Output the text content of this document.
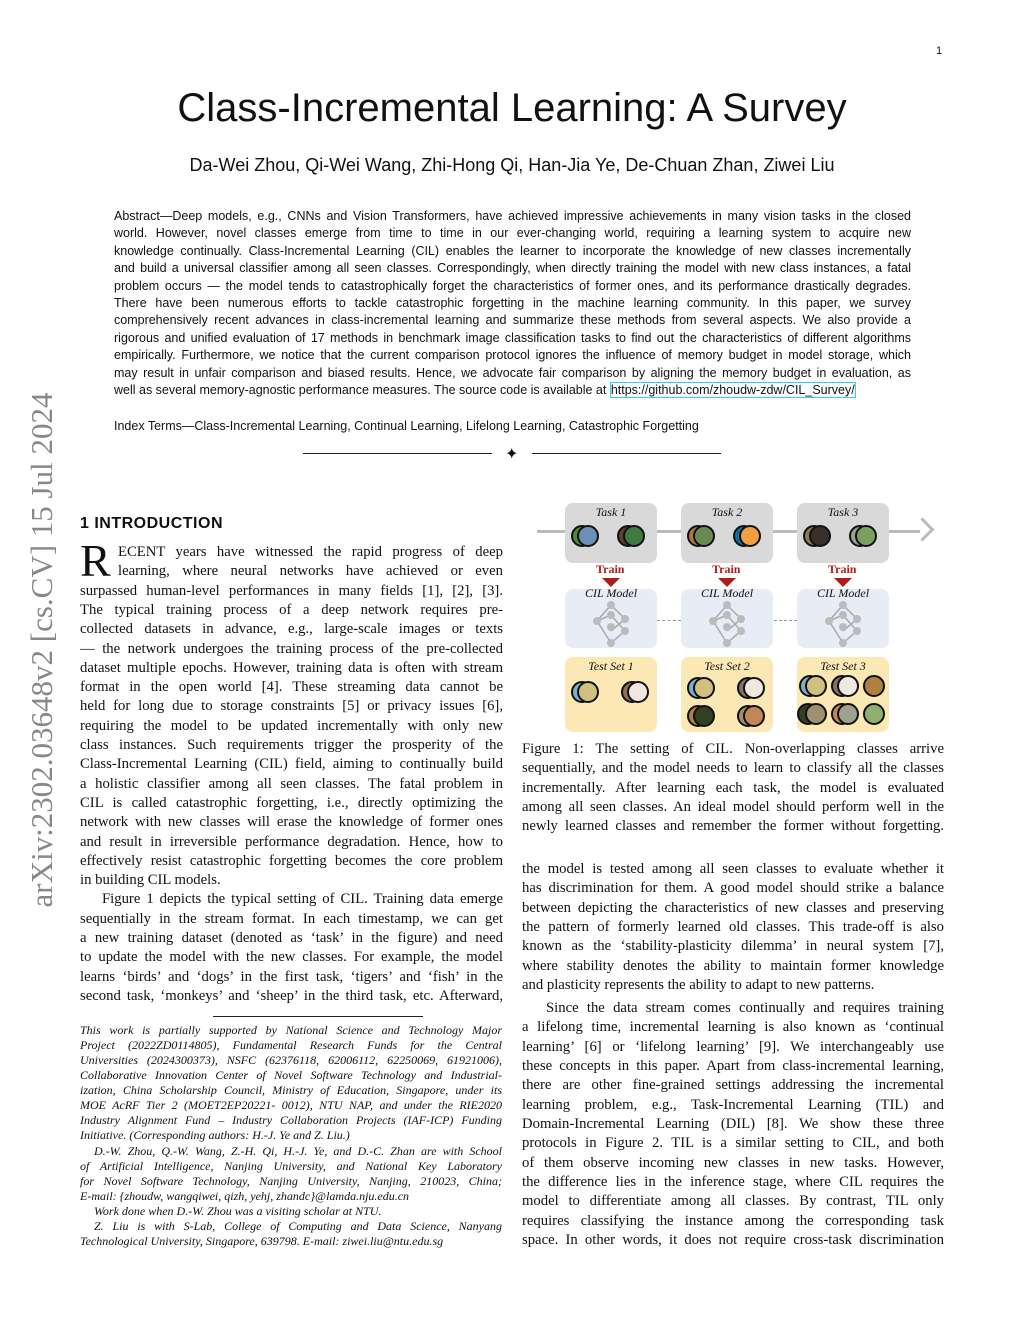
1
arXiv:2302.03648v2 [cs.CV] 15 Jul 2024
Class-Incremental Learning: A Survey
Da-Wei Zhou, Qi-Wei Wang, Zhi-Hong Qi, Han-Jia Ye, De-Chuan Zhan, Ziwei Liu
Abstract—Deep models, e.g., CNNs and Vision Transformers, have achieved impressive achievements in many vision tasks in the closed
world. However, novel classes emerge from time to time in our ever-changing world, requiring a learning system to acquire new
knowledge continually. Class-Incremental Learning (CIL) enables the learner to incorporate the knowledge of new classes incrementally
and build a universal classifier among all seen classes. Correspondingly, when directly training the model with new class instances, a fatal
problem occurs — the model tends to catastrophically forget the characteristics of former ones, and its performance drastically degrades.
There have been numerous efforts to tackle catastrophic forgetting in the machine learning community. In this paper, we survey
comprehensively recent advances in class-incremental learning and summarize these methods from several aspects. We also provide a
rigorous and unified evaluation of 17 methods in benchmark image classification tasks to find out the characteristics of different algorithms
empirically. Furthermore, we notice that the current comparison protocol ignores the influence of memory budget in model storage, which
may result in unfair comparison and biased results. Hence, we advocate fair comparison by aligning the memory budget in evaluation, as
well as several memory-agnostic performance measures. The source code is available at https://github.com/zhoudw-zdw/CIL_Survey/
Index Terms—Class-Incremental Learning, Continual Learning, Lifelong Learning, Catastrophic Forgetting
✦
1 INTRODUCTION
R ECENT years have witnessed the rapid progress of deep
learning, where neural networks have achieved or even
surpassed human-level performances in many fields [1], [2], [3].
The typical training process of a deep network requires pre-
collected datasets in advance, e.g., large-scale images or texts
— the network undergoes the training process of the pre-collected
dataset multiple epochs. However, training data is often with stream
format in the open world [4]. These streaming data cannot be
held for long due to storage constraints [5] or privacy issues [6],
requiring the model to be updated incrementally with only new
class instances. Such requirements trigger the prosperity of the
Class-Incremental Learning (CIL) field, aiming to continually build
a holistic classifier among all seen classes. The fatal problem in
CIL is called catastrophic forgetting, i.e., directly optimizing the
network with new classes will erase the knowledge of former ones
and result in irreversible performance degradation. Hence, how to
effectively resist catastrophic forgetting becomes the core problem
in building CIL models.
Figure 1 depicts the typical setting of CIL. Training data emerge
sequentially in the stream format. In each timestamp, we can get
a new training dataset (denoted as ‘task’ in the figure) and need
to update the model with the new classes. For example, the model
learns ‘birds’ and ‘dogs’ in the first task, ‘tigers’ and ‘fish’ in the
second task, ‘monkeys’ and ‘sheep’ in the third task, etc. Afterward,
This work is partially supported by National Science and Technology Major
Project (2022ZD0114805), Fundamental Research Funds for the Central
Universities (2024300373), NSFC (62376118, 62006112, 62250069, 61921006),
Collaborative Innovation Center of Novel Software Technology and Industrial-
ization, China Scholarship Council, Ministry of Education, Singapore, under its
MOE AcRF Tier 2 (MOET2EP20221- 0012), NTU NAP, and under the RIE2020
Industry Alignment Fund – Industry Collaboration Projects (IAF-ICP) Funding
Initiative. (Corresponding authors: H.-J. Ye and Z. Liu.)
D.-W. Zhou, Q.-W. Wang, Z.-H. Qi, H.-J. Ye, and D.-C. Zhan are with School
of Artificial Intelligence, Nanjing University, and National Key Laboratory
for Novel Software Technology, Nanjing University, Nanjing, 210023, China;
E-mail: {zhoudw, wangqiwei, qizh, yehj, zhandc}@lamda.nju.edu.cn
Work done when D.-W. Zhou was a visiting scholar at NTU.
Z. Liu is with S-Lab, College of Computing and Data Science, Nanyang
Technological University, Singapore, 639798. E-mail: ziwei.liu@ntu.edu.sg
Task 1
Train
CIL Model
Test Set 1
Task 2
Train
CIL Model
Test Set 2
Task 3
Train
CIL Model
Test Set 3
Figure 1: The setting of CIL. Non-overlapping classes arrive
sequentially, and the model needs to learn to classify all the classes
incrementally. After learning each task, the model is evaluated
among all seen classes. An ideal model should perform well in the
newly learned classes and remember the former without forgetting.
the model is tested among all seen classes to evaluate whether it
has discrimination for them. A good model should strike a balance
between depicting the characteristics of new classes and preserving
the pattern of formerly learned old classes. This trade-off is also
known as the ‘stability-plasticity dilemma’ in neural system [7],
where stability denotes the ability to maintain former knowledge
and plasticity represents the ability to adapt to new patterns.
Since the data stream comes continually and requires training
a lifelong time, incremental learning is also known as ‘continual
learning’ [6] or ‘lifelong learning’ [9]. We interchangeably use
these concepts in this paper. Apart from class-incremental learning,
there are other fine-grained settings addressing the incremental
learning problem, e.g., Task-Incremental Learning (TIL) and
Domain-Incremental Learning (DIL) [8]. We show these three
protocols in Figure 2. TIL is a similar setting to CIL, and both
of them observe incoming new classes in new tasks. However,
the difference lies in the inference stage, where CIL requires the
model to differentiate among all classes. By contrast, TIL only
requires classifying the instance among the corresponding task
space. In other words, it does not require cross-task discrimination
